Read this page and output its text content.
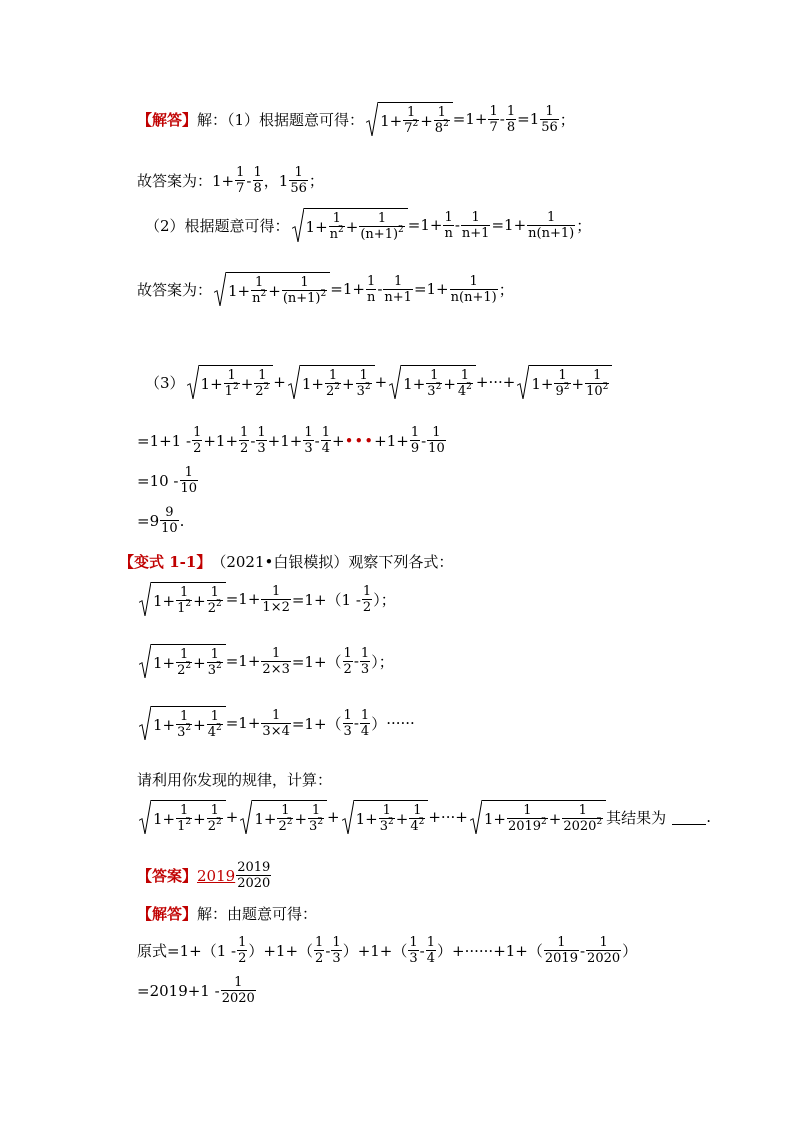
【解答】 解：（1）根据题意可得： $1+ \frac{1}{7^2} + \frac{1}{8^2} =1+ \frac{1}{7} - \frac{1}{8} =1 \frac{1}{56}$ ；
故答案为： $1+ \frac{1}{7} - \frac{1}{8}$ ， $1 \frac{1}{56}$ ；
（2）根据题意可得： $1+ \frac{1}{n^2} + \frac{1}{(n+1)^2} =1+ \frac{1}{n} - \frac{1}{n+1} =1+ \frac{1}{n(n+1)}$ ；
故答案为： $1+ \frac{1}{n^2} + \frac{1}{(n+1)^2} =1+ \frac{1}{n} - \frac{1}{n+1} =1+ \frac{1}{n(n+1)}$ ；
（3） $1+ \frac{1}{1^2} + \frac{1}{2^2} + 1+ \frac{1}{2^2} + \frac{1}{3^2} + 1+ \frac{1}{3^2} + \frac{1}{4^2}$ +···+ $1+ \frac{1}{9^2} + \frac{1}{10^2}$
$=1+1 - \frac{1}{2} +1+ \frac{1}{2} - \frac{1}{3} +1+ \frac{1}{3} - \frac{1}{4}$ + ••• $+1+ \frac{1}{9} - \frac{1}{10}$
$=10 - \frac{1}{10}$
$=9 \frac{9}{10}$ .
【变式 1-1】 （2021•白银模拟）观察下列各式：
$1+ \frac{1}{1^2} + \frac{1}{2^2} =1+ \frac{1}{1\times 2} =1+(1 - \frac{1}{2}$ ）；
$1+ \frac{1}{2^2} + \frac{1}{3^2} =1+ \frac{1}{2\times 3} =1+( \frac{1}{2} - \frac{1}{3}$ ）；
$1+ \frac{1}{3^2} + \frac{1}{4^2} =1+ \frac{1}{3\times 4} =1+( \frac{1}{3} - \frac{1}{4}$ ） ······
请利用你发现的规律，计算：
$1+ \frac{1}{1^2} + \frac{1}{2^2} + 1+ \frac{1}{2^2} + \frac{1}{3^2} + 1+ \frac{1}{3^2} + \frac{1}{4^2}$ +···+ $1+ \frac{1}{2019^2} + \frac{1}{2020^2}$ 其结果为	.
【答案】 $2019 \frac{2019}{2020}$
【解答】 解：由题意可得：
原式= $1+(1 - \frac{1}{2} )+1+( \frac{1}{2} - \frac{1}{3} )+1+( \frac{1}{3} - \frac{1}{4} )+\cdot\cdot\cdot\cdot\cdot\cdot+1+( \frac{1}{2019} - \frac{1}{2020}$ ）
$=2019+1 - \frac{1}{2020}$
